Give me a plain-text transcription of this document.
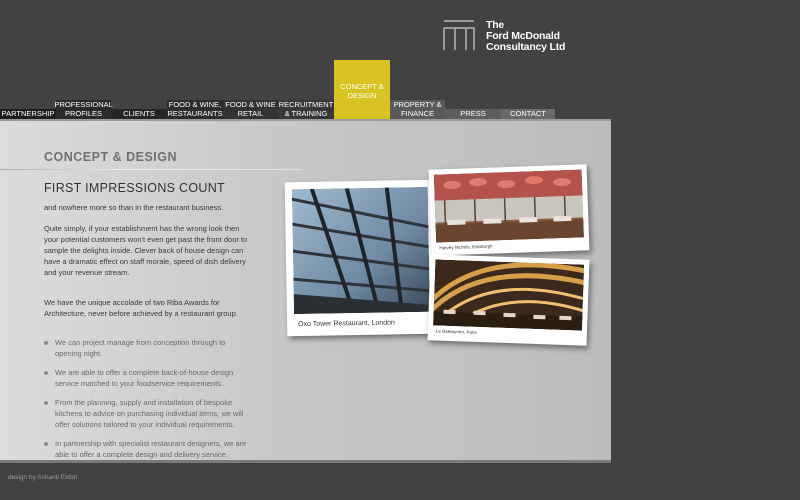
The
Ford McDonald
Consultancy Ltd
PARTNERSHIP
PROFESSIONAL PROFILES	CLIENTS
FOOD & WINE, RESTAURANTS
FOOD & WINE RETAIL
RECRUITMENT & TRAINING
CONCEPT & DESIGN
PROPERTY & FINANCE	PRESS	CONTACT
CONCEPT & DESIGN
FIRST IMPRESSIONS COUNT

and nowhere more so than in the restaurant business.

Quite simply, if your establishment has the wrong look then your potential customers won't even get past the front door to sample the delights inside. Clever back of house design can have a dramatic effect on staff morale, speed of dish delivery and your revenue stream.

We have the unique accolade of two Riba Awards for Architecture, never before achieved by a restaurant group.

We can project manage from conception through to opening night.
We are able to offer a complete back-of-house design service matched to your foodservice requirements.
From the planning, supply and installation of bespoke kitchens to advice on purchasing individual items, we will offer solutions tailored to your individual requirements.
In partnership with specialist restaurant designers, we are able to offer a complete design and delivery service.
Oxo Tower Restaurant, London
Harvey Nichols, Edinburgh
Le Bateaurien, Paris
design by Ashanti Exton
